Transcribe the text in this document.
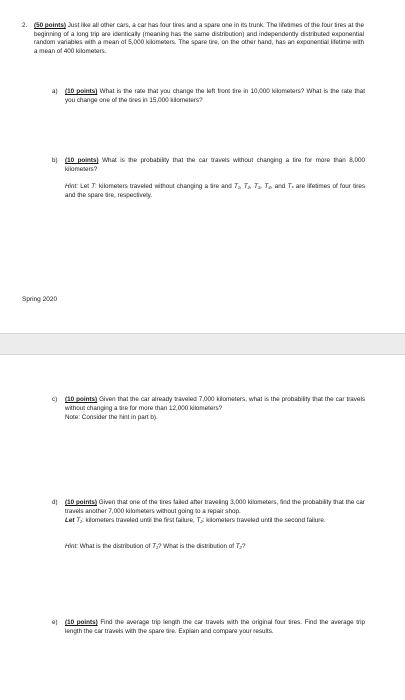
2. (50 points) Just like all other cars, a car has four tires and a spare one in its trunk. The lifetimes of the four tires at the beginning of a long trip are identically (meaning has the same distribution) and independently distributed exponential random variables with a mean of 5,000 kilometers. The spare tire, on the other hand, has an exponential lifetime with a mean of 400 kilometers.
a) (10 points) What is the rate that you change the left front tire in 10,000 kilometers? What is the rate that you change one of the tires in 15,000 kilometers?
b) (10 points) What is the probability that the car travels without changing a tire for more than 8,000 kilometers?
Hint: Let T: kilometers traveled without changing a tire and T₁, T₂, T₃, T₄, and Tₛ are lifetimes of four tires and the spare tire, respectively.
Spring 2020
c) (10 points) Given that the car already traveled 7,000 kilometers, what is the probability that the car travels without changing a tire for more than 12,000 kilometers?
Note: Consider the hint in part b).
d) (10 points) Given that one of the tires failed after traveling 3,000 kilometers, find the probability that the car travels another 7,000 kilometers without going to a repair shop.
Let T₁: kilometers traveled until the first failure, T₂: kilometers traveled until the second failure.
Hint: What is the distribution of T₁? What is the distribution of T₂?
e) (10 points) Find the average trip length the car travels with the original four tires. Find the average trip length the car travels with the spare tire. Explain and compare your results.
